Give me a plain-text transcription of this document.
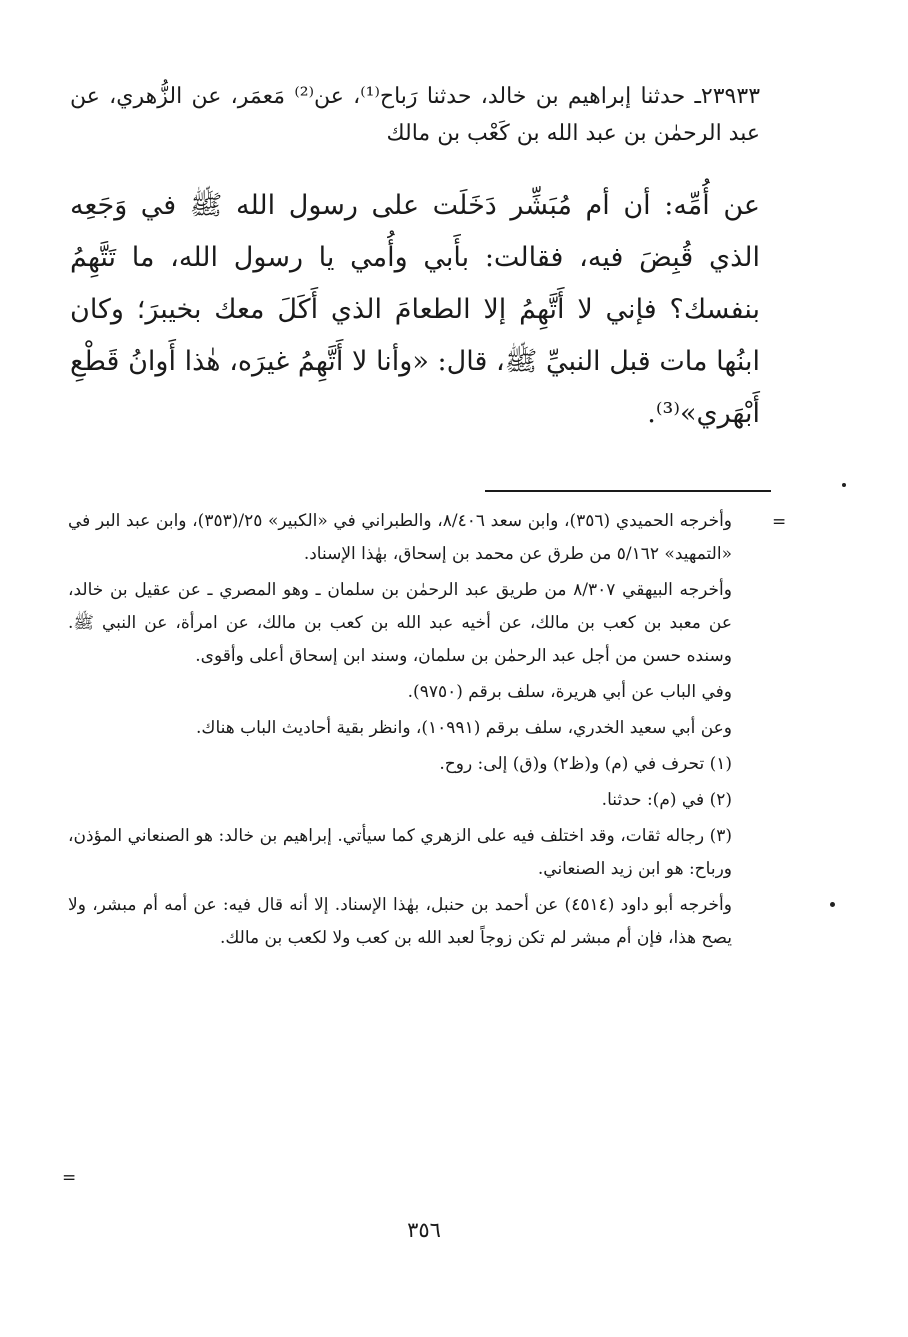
٢٣٩٣٣ـ حدثنا إبراهيم بن خالد، حدثنا رَباح⁽¹⁾، عن⁽²⁾ مَعمَر، عن الزُّهري، عن عبد الرحمٰن بن عبد الله بن كَعْب بن مالك

عن أُمِّه: أن أم مُبَشِّر دَخَلَت على رسول الله ﷺ في وَجَعِه الذي قُبِضَ فيه، فقالت: بأَبي وأُمي يا رسول الله، ما تَتَّهِمُ بنفسك؟ فإني لا أَتَّهِمُ إلا الطعامَ الذي أَكَلَ معك بخيبرَ؛ وكان ابنُها مات قبل النبيِّ ﷺ، قال: «وأنا لا أَتَّهِمُ غيرَه، هٰذا أَوانُ قَطْعِ أَبْهَري»⁽³⁾.

=

وأخرجه الحميدي (٣٥٦)، وابن سعد ٨/٤٠٦، والطبراني في «الكبير» ٢٥/(٣٥٣)، وابن عبد البر في «التمهيد» ٥/١٦٢ من طرق عن محمد بن إسحاق، بهٰذا الإسناد.

وأخرجه البيهقي ٨/٣٠٧ من طريق عبد الرحمٰن بن سلمان ـ وهو المصري ـ عن عقيل بن خالد، عن معبد بن كعب بن مالك، عن أخيه عبد الله بن كعب بن مالك، عن امرأة، عن النبي ﷺ. وسنده حسن من أجل عبد الرحمٰن بن سلمان، وسند ابن إسحاق أعلى وأقوى.

وفي الباب عن أبي هريرة، سلف برقم (٩٧٥٠).

وعن أبي سعيد الخدري، سلف برقم (١٠٩٩١)، وانظر بقية أحاديث الباب هناك.

(١) تحرف في (م) و(ظ٢) و(ق) إلى: روح.

(٢) في (م): حدثنا.

(٣) رجاله ثقات، وقد اختلف فيه على الزهري كما سيأتي. إبراهيم بن خالد: هو الصنعاني المؤذن، ورباح: هو ابن زيد الصنعاني.

وأخرجه أبو داود (٤٥١٤) عن أحمد بن حنبل، بهٰذا الإسناد. إلا أنه قال فيه: عن أمه أم مبشر، ولا يصح هذا، فإن أم مبشر لم تكن زوجاً لعبد الله بن كعب ولا لكعب بن مالك.

=
٣٥٦
